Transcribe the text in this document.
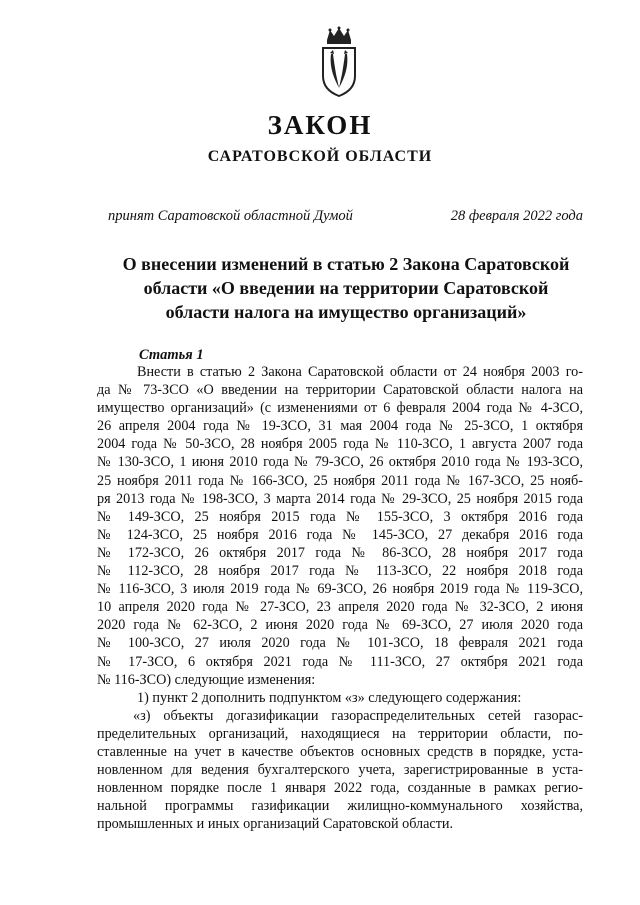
ЗАКОН
САРАТОВСКОЙ ОБЛАСТИ
принят Саратовской областной Думой	28 февраля 2022 года
О внесении изменений в статью 2 Закона Саратовской
области «О введении на территории Саратовской
области налога на имущество организаций»
Статья 1
Внести в статью 2 Закона Саратовской области от 24 ноября 2003 го-
да № 73-ЗСО «О введении на территории Саратовской области налога на
имущество организаций» (с изменениями от 6 февраля 2004 года № 4-ЗСО,
26 апреля 2004 года № 19-ЗСО, 31 мая 2004 года № 25-ЗСО, 1 октября
2004 года № 50-ЗСО, 28 ноября 2005 года № 110-ЗСО, 1 августа 2007 года
№ 130-ЗСО, 1 июня 2010 года № 79-ЗСО, 26 октября 2010 года № 193-ЗСО,
25 ноября 2011 года № 166-ЗСО, 25 ноября 2011 года № 167-ЗСО, 25 нояб-
ря 2013 года № 198-ЗСО, 3 марта 2014 года № 29-ЗСО, 25 ноября 2015 года
№ 149-ЗСО, 25 ноября 2015 года № 155-ЗСО, 3 октября 2016 года
№ 124-ЗСО, 25 ноября 2016 года № 145-ЗСО, 27 декабря 2016 года
№ 172-ЗСО, 26 октября 2017 года № 86-ЗСО, 28 ноября 2017 года
№ 112-ЗСО, 28 ноября 2017 года № 113-ЗСО, 22 ноября 2018 года
№ 116-ЗСО, 3 июля 2019 года № 69-ЗСО, 26 ноября 2019 года № 119-ЗСО,
10 апреля 2020 года № 27-ЗСО, 23 апреля 2020 года № 32-ЗСО, 2 июня
2020 года № 62-ЗСО, 2 июня 2020 года № 69-ЗСО, 27 июля 2020 года
№ 100-ЗСО, 27 июля 2020 года № 101-ЗСО, 18 февраля 2021 года
№ 17-ЗСО, 6 октября 2021 года № 111-ЗСО, 27 октября 2021 года
№ 116-ЗСО) следующие изменения:
1) пункт 2 дополнить подпунктом «з» следующего содержания:
«з) объекты догазификации газораспределительных сетей газорас-
пределительных организаций, находящиеся на территории области, по-
ставленные на учет в качестве объектов основных средств в порядке, уста-
новленном для ведения бухгалтерского учета, зарегистрированные в уста-
новленном порядке после 1 января 2022 года, созданные в рамках регио-
нальной программы газификации жилищно-коммунального хозяйства,
промышленных и иных организаций Саратовской области.
